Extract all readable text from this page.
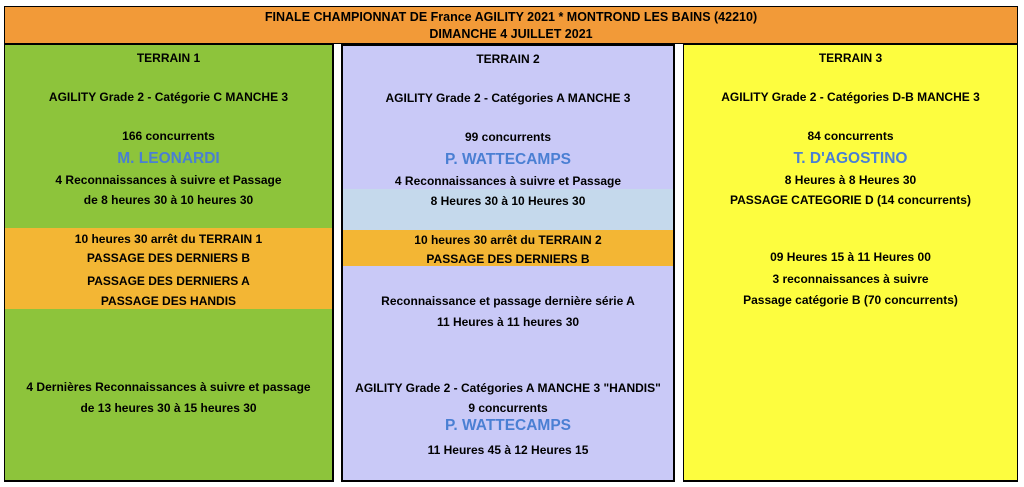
FINALE CHAMPIONNAT DE France AGILITY 2021 * MONTROND LES BAINS (42210)
DIMANCHE 4 JUILLET 2021
TERRAIN 1
AGILITY Grade 2 - Catégorie C MANCHE 3
166 concurrents
M. LEONARDI
4 Reconnaissances à suivre et Passage
de 8 heures 30 à 10 heures 30
10 heures 30 arrêt du TERRAIN 1
PASSAGE DES DERNIERS B
PASSAGE DES DERNIERS A
PASSAGE DES HANDIS
4 Dernières Reconnaissances à suivre et passage
de 13 heures 30 à 15 heures 30
TERRAIN 2
AGILITY Grade 2 - Catégories A MANCHE 3
99 concurrents
P. WATTECAMPS
4 Reconnaissances à suivre et Passage
8 Heures 30 à 10 Heures 30
10 heures 30 arrêt du TERRAIN 2
PASSAGE DES DERNIERS B
Reconnaissance et passage dernière série A
11 Heures à 11 heures 30
AGILITY Grade 2 - Catégories A MANCHE 3 "HANDIS"
9 concurrents
P. WATTECAMPS
11 Heures 45 à 12 Heures 15
TERRAIN 3
AGILITY Grade 2 - Catégories D-B MANCHE 3
84 concurrents
T. D'AGOSTINO
8 Heures à 8 Heures 30
PASSAGE CATEGORIE D (14 concurrents)
09 Heures 15 à 11 Heures 00
3 reconnaissances à suivre
Passage catégorie B (70 concurrents)
